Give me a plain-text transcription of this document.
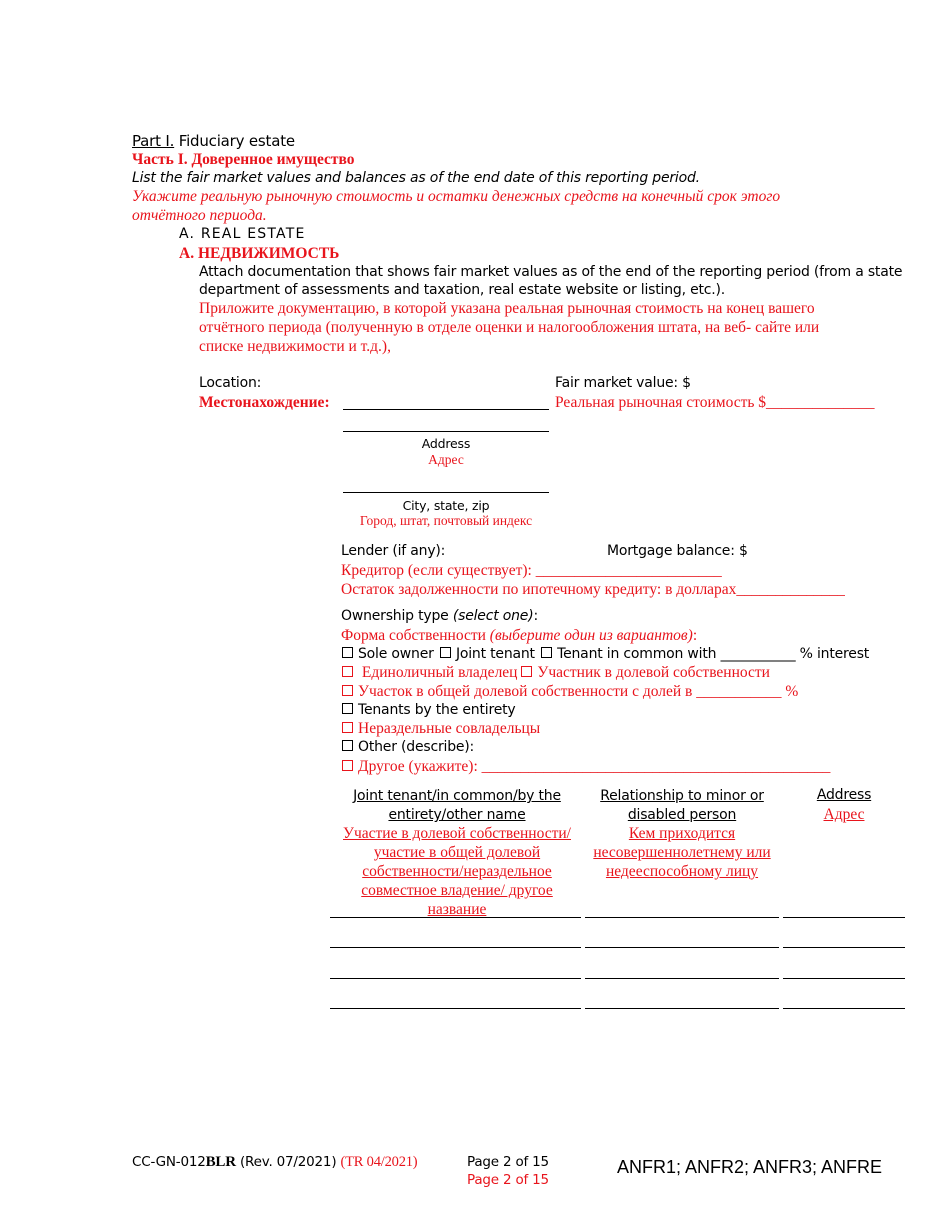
Part I. Fiduciary estate
Часть I. Доверенное имущество
List the fair market values and balances as of the end date of this reporting period.
Укажите реальную рыночную стоимость и остатки денежных средств на конечный срок этого
отчётного периода.
A. REAL ESTATE
А. НЕДВИЖИМОСТЬ
Attach documentation that shows fair market values as of the end of the reporting period (from a state
department of assessments and taxation, real estate website or listing, etc.).
Приложите документацию, в которой указана реальная рыночная стоимость на конец вашего
отчётного периода (полученную в отделе оценки и налогообложения штата, на веб- сайте или
списке недвижимости и т.д.),
Location:
Местонахождение:
Fair market value: $
Реальная рыночная стоимость $______________
Address
Адрес
City, state, zip
Город, штат, почтовый индекс
Lender (if any):	Mortgage balance: $
Кредитор (если существует): ________________________
Остаток задолженности по ипотечному кредиту: в долларах______________
Ownership type (select one):
Форма собственности (выберите один из вариантов):
Sole owner Joint tenant Tenant in common with ___________ % interest
Единоличный владелец Участник в долевой собственности
Участок в общей долевой собственности с долей в ___________ %
Tenants by the entirety
Нераздельные совладельцы
Other (describe):
Другое (укажите): _____________________________________________
Joint tenant/in common/by the entirety/other name
Участие в долевой собственности/ участие в общей долевой собственности/нераздельное совместное владение/ другое название
Relationship to minor or disabled person
Кем приходится несовершеннолетнему или недееспособному лицу
Address
Адрес
CC-GN-012BLR (Rev. 07/2021) (TR 04/2021)	Page 2 of 15
Page 2 of 15
ANFR1; ANFR2; ANFR3; ANFRE
